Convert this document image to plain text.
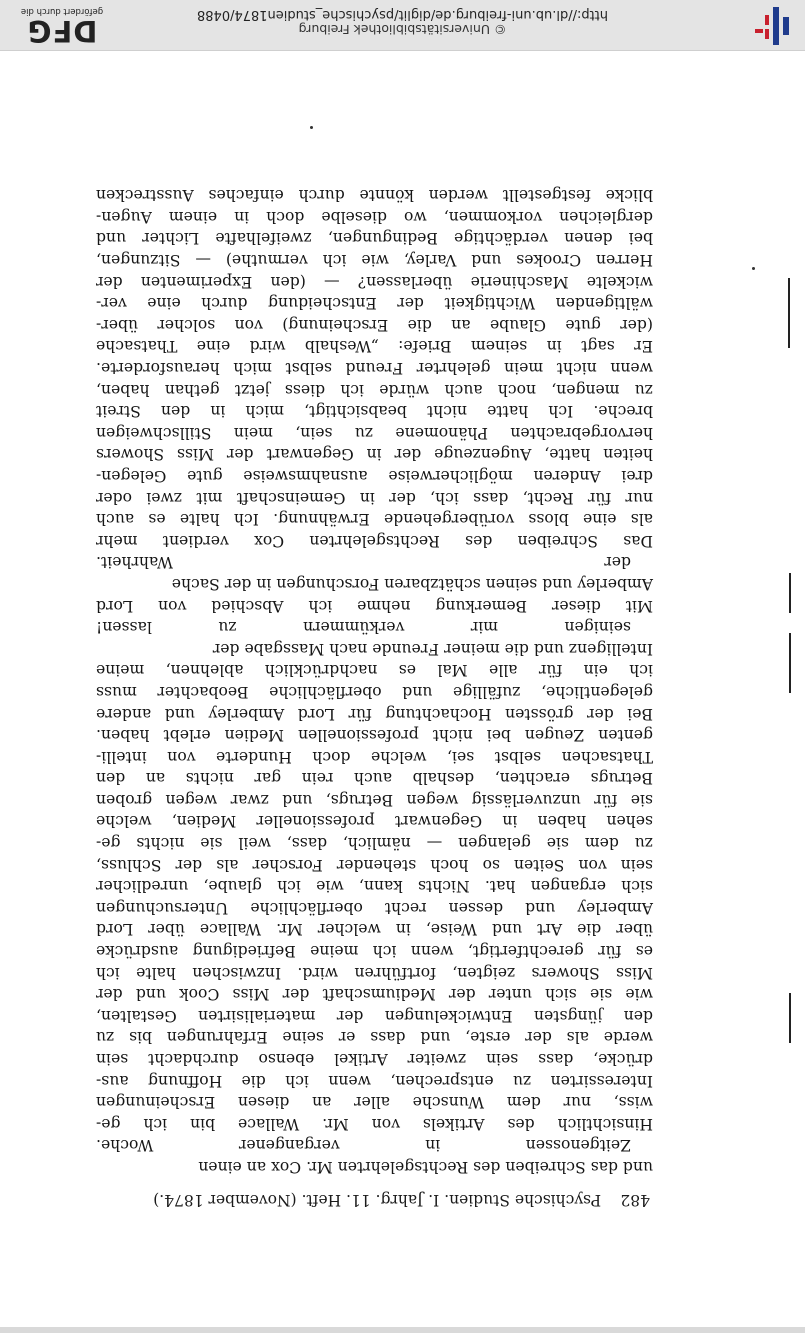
482 Psychische Studien. I. Jahrg. 11. Heft. (November 1874.)
und das Schreiben des Rechtsgelehrten Mr. Cox an einen
Zeitgenossen in vergangener Woche.
Hinsichtlich des Artikels von Mr. Wallace bin ich ge-
wiss, nur dem Wunsche aller an diesen Erscheinungen
Interessirten zu entsprechen, wenn ich die Hoffnung aus-
drücke, dass sein zweiter Artikel ebenso durchdacht sein
werde als der erste, und dass er seine Erfahrungen bis zu
den jüngsten Entwickelungen der materialisirten Gestalten,
wie sie sich unter der Mediumschaft der Miss Cook und der
Miss Showers zeigten, fortführen wird. Inzwischen halte ich
es für gerechtfertigt, wenn ich meine Befriedigung ausdrücke
über die Art und Weise, in welcher Mr. Wallace über Lord
Amberley und dessen recht oberflächliche Untersuchungen
sich ergangen hat. Nichts kann, wie ich glaube, unredlicher
sein von Seiten so hoch stehender Forscher als der Schluss,
zu dem sie gelangen — nämlich, dass, weil sie nichts ge-
sehen haben in Gegenwart professioneller Medien, welche
sie für unzuverlässig wegen Betrugs, und zwar wegen groben
Betrugs erachten, deshalb auch rein gar nichts an den
Thatsachen selbst sei, welche doch Hunderte von intelli-
genten Zeugen bei nicht professionellen Medien erlebt haben.
Bei der grössten Hochachtung für Lord Amberley und andere
gelegentliche, zufällige und oberflächliche Beobachter muss
ich ein für alle Mal es nachdrücklich ablehnen, meine
Intelligenz und die meiner Freunde nach Massgabe der
seinigen mir verkümmern zu lassen!
Mit dieser Bemerkung nehme ich Abschied von Lord
Amberley und seinen schätzbaren Forschungen in der Sache
der Wahrheit.
Das Schreiben des Rechtsgelehrten Cox verdient mehr
als eine bloss vorübergehende Erwähnung. Ich halte es auch
nur für Recht, dass ich, der in Gemeinschaft mit zwei oder
drei Anderen möglicherweise ausnahmsweise gute Gelegen-
heiten hatte, Augenzeuge der in Gegenwart der Miss Showers
hervorgebrachten Phänomene zu sein, mein Stillschweigen
breche. Ich hatte nicht beabsichtigt, mich in den Streit
zu mengen, noch auch würde ich diess jetzt gethan haben,
wenn nicht mein gelehrter Freund selbst mich herausforderte.
Er sagt in seinem Briefe: „Weshalb wird eine Thatsache
(der gute Glaube an die Erscheinung) von solcher über-
wältigenden Wichtigkeit der Entscheidung durch eine ver-
wickelte Maschinerie überlassen? — (den Experimenten der
Herren Crookes und Varley, wie ich vermuthe) — Sitzungen,
bei denen verdächtige Bedingungen, zweifelhafte Lichter und
dergleichen vorkommen, wo dieselbe doch in einem Augen-
blicke festgestellt werden könnte durch einfaches Ausstrecken
© Universitätsbibliothek Freiburg
http://dl.ub.uni-freiburg.de/diglit/psychische_studien1874/0488
DFG
gefördert durch die
